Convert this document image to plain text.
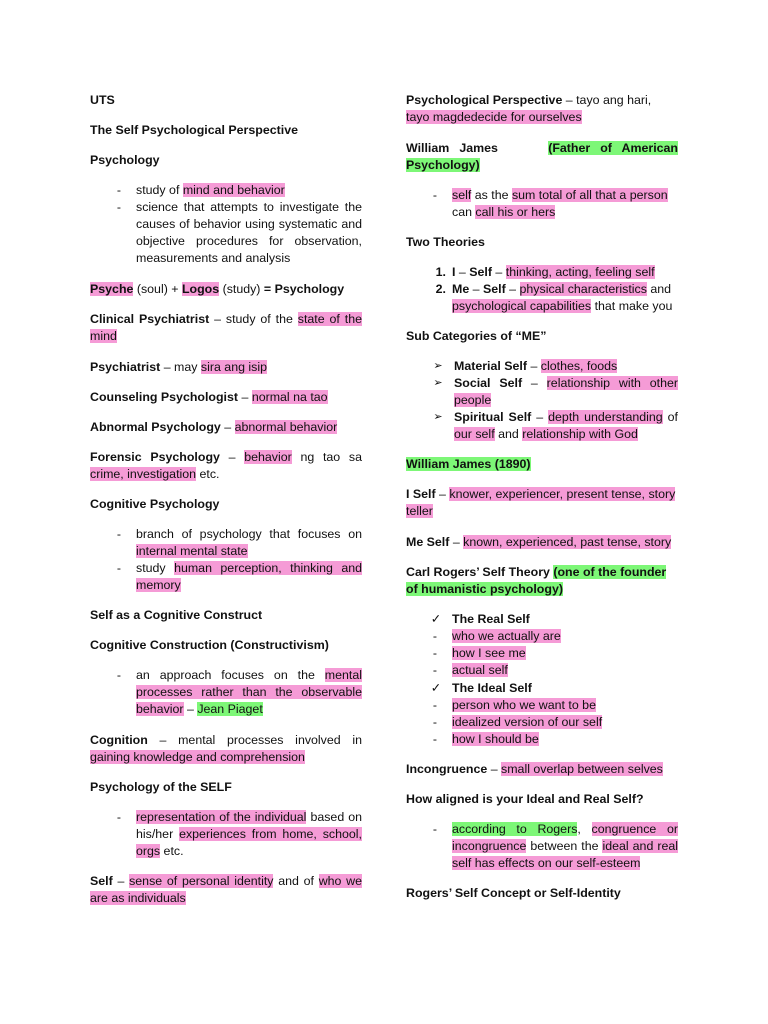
UTS

The Self Psychological Perspective

Psychology

-	study of mind and behavior
-	science that attempts to investigate the causes of behavior using systematic and objective procedures for observation, measurements and analysis

Psyche (soul) + Logos (study) = Psychology

Clinical Psychiatrist – study of the state of the mind

Psychiatrist – may sira ang isip

Counseling Psychologist – normal na tao

Abnormal Psychology – abnormal behavior

Forensic Psychology – behavior ng tao sa crime, investigation etc.

Cognitive Psychology

-	branch of psychology that focuses on internal mental state
-	study human perception, thinking and memory

Self as a Cognitive Construct

Cognitive Construction (Constructivism)

-	an approach focuses on the mental processes rather than the observable behavior – Jean Piaget

Cognition – mental processes involved in gaining knowledge and comprehension

Psychology of the SELF

-	representation of the individual based on his/her experiences from home, school, orgs etc.

Self – sense of personal identity and of who we are as individuals

Psychological Perspective – tayo ang hari, tayo magdedecide for ourselves

William James	(Father of American Psychology)

-	self as the sum total of all that a person can call his or hers

Two Theories

1. I – Self – thinking, acting, feeling self
2. Me – Self – physical characteristics and psychological capabilities that make you

Sub Categories of “ME”

➢ Material Self – clothes, foods
➢ Social Self – relationship with other people
➢ Spiritual Self – depth understanding of our self and relationship with God

William James (1890)

I Self – knower, experiencer, present tense, story teller

Me Self – known, experienced, past tense, story

Carl Rogers’ Self Theory (one of the founder of humanistic psychology)

✓ The Real Self
-	who we actually are
-	how I see me
-	actual self
✓ The Ideal Self
-	person who we want to be
-	idealized version of our self
-	how I should be

Incongruence – small overlap between selves

How aligned is your Ideal and Real Self?

-	according to Rogers, congruence or incongruence between the ideal and real self has effects on our self-esteem

Rogers’ Self Concept or Self-Identity
